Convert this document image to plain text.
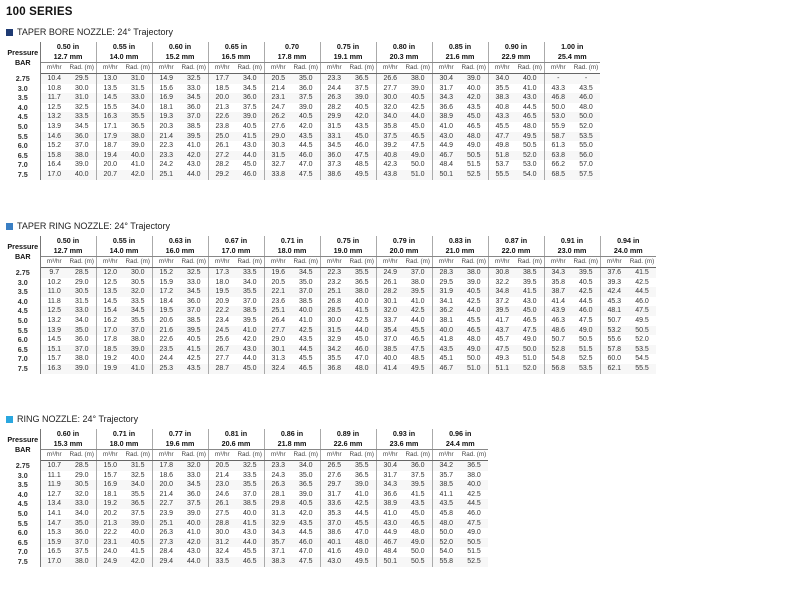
100 SERIES
TAPER BORE NOZZLE: 24° Trajectory
Pressure
BAR	0.50 in		0.55 in		0.60 in		0.65 in		0.70		0.75 in		0.80 in		0.85 in		0.90 in		1.00 in	
	12.7 mm		14.0 mm		15.2 mm		16.5 mm		17.8 mm		19.1 mm		20.3 mm		21.6 mm		22.9 mm		25.4 mm	
	m³/hr	Rad. (m)	m³/hr	Rad. (m)	m³/hr	Rad. (m)	m³/hr	Rad. (m)	m³/hr	Rad. (m)	m³/hr	Rad. (m)	m³/hr	Rad. (m)	m³/hr	Rad. (m)	m³/hr	Rad. (m)	m³/hr	Rad. (m)
2.75	10.4	29.5	13.0	31.0	14.9	32.5	17.7	34.0	20.5	35.0	23.3	36.5	26.6	38.0	30.4	39.0	34.0	40.0	-	-
3.0	10.8	30.0	13.5	31.5	15.6	33.0	18.5	34.5	21.4	36.0	24.4	37.5	27.7	39.0	31.7	40.0	35.5	41.0	43.3	43.5
3.5	11.7	31.0	14.5	33.0	16.9	34.5	20.0	36.0	23.1	37.5	26.3	39.0	30.0	40.5	34.3	42.0	38.3	43.0	46.8	46.0
4.0	12.5	32.5	15.5	34.0	18.1	36.0	21.3	37.5	24.7	39.0	28.2	40.5	32.0	42.5	36.6	43.5	40.8	44.5	50.0	48.0
4.5	13.2	33.5	16.3	35.5	19.3	37.0	22.6	39.0	26.2	40.5	29.9	42.0	34.0	44.0	38.9	45.0	43.3	46.5	53.0	50.0
5.0	13.9	34.5	17.1	36.5	20.3	38.5	23.8	40.5	27.6	42.0	31.5	43.5	35.8	45.0	41.0	46.5	45.5	48.0	55.9	52.0
5.5	14.6	36.0	17.9	38.0	21.4	39.5	25.0	41.5	29.0	43.5	33.1	45.0	37.5	46.5	43.0	48.0	47.7	49.5	58.7	53.5
6.0	15.2	37.0	18.7	39.0	22.3	41.0	26.1	43.0	30.3	44.5	34.5	46.0	39.2	47.5	44.9	49.0	49.8	50.5	61.3	55.0
6.5	15.8	38.0	19.4	40.0	23.3	42.0	27.2	44.0	31.5	46.0	36.0	47.5	40.8	49.0	46.7	50.5	51.8	52.0	63.8	56.0
7.0	16.4	39.0	20.0	41.0	24.2	43.0	28.2	45.0	32.7	47.0	37.3	48.5	42.3	50.0	48.4	51.5	53.7	53.0	66.2	57.0
7.5	17.0	40.0	20.7	42.0	25.1	44.0	29.2	46.0	33.8	47.5	38.6	49.5	43.8	51.0	50.1	52.5	55.5	54.0	68.5	57.5
TAPER RING NOZZLE: 24° Trajectory
Pressure
BAR	0.50 in		0.55 in		0.63 in		0.67 in		0.71 in		0.75 in		0.79 in		0.83 in		0.87 in		0.91 in		0.94 in	
	12.7 mm		14.0 mm		16.0 mm		17.0 mm		18.0 mm		19.0 mm		20.0 mm		21.0 mm		22.0 mm		23.0 mm		24.0 mm	
	m³/hr	Rad. (m)	m³/hr	Rad. (m)	m³/hr	Rad. (m)	m³/hr	Rad. (m)	m³/hr	Rad. (m)	m³/hr	Rad. (m)	m³/hr	Rad. (m)	m³/hr	Rad. (m)	m³/hr	Rad. (m)	m³/hr	Rad. (m)	m³/hr	Rad. (m)
2.75	9.7	28.5	12.0	30.0	15.2	32.5	17.3	33.5	19.6	34.5	22.3	35.5	24.9	37.0	28.3	38.0	30.8	38.5	34.3	39.5	37.6	41.5
3.0	10.2	29.0	12.5	30.5	15.9	33.0	18.0	34.0	20.5	35.0	23.2	36.5	26.1	38.0	29.5	39.0	32.2	39.5	35.8	40.5	39.3	42.5
3.5	11.0	30.5	13.5	32.0	17.2	34.5	19.5	35.5	22.1	37.0	25.1	38.0	28.2	39.5	31.9	40.5	34.8	41.5	38.7	42.5	42.4	44.5
4.0	11.8	31.5	14.5	33.5	18.4	36.0	20.9	37.0	23.6	38.5	26.8	40.0	30.1	41.0	34.1	42.5	37.2	43.0	41.4	44.5	45.3	46.0
4.5	12.5	33.0	15.4	34.5	19.5	37.0	22.2	38.5	25.1	40.0	28.5	41.5	32.0	42.5	36.2	44.0	39.5	45.0	43.9	46.0	48.1	47.5
5.0	13.2	34.0	16.2	35.5	20.6	38.5	23.4	39.5	26.4	41.0	30.0	42.5	33.7	44.0	38.1	45.5	41.7	46.5	46.3	47.5	50.7	49.5
5.5	13.9	35.0	17.0	37.0	21.6	39.5	24.5	41.0	27.7	42.5	31.5	44.0	35.4	45.5	40.0	46.5	43.7	47.5	48.6	49.0	53.2	50.5
6.0	14.5	36.0	17.8	38.0	22.6	40.5	25.6	42.0	29.0	43.5	32.9	45.0	37.0	46.5	41.8	48.0	45.7	49.0	50.7	50.5	55.6	52.0
6.5	15.1	37.0	18.5	39.0	23.5	41.5	26.7	43.0	30.1	44.5	34.2	46.0	38.5	47.5	43.5	49.0	47.5	50.0	52.8	51.5	57.8	53.5
7.0	15.7	38.0	19.2	40.0	24.4	42.5	27.7	44.0	31.3	45.5	35.5	47.0	40.0	48.5	45.1	50.0	49.3	51.0	54.8	52.5	60.0	54.5
7.5	16.3	39.0	19.9	41.0	25.3	43.5	28.7	45.0	32.4	46.5	36.8	48.0	41.4	49.5	46.7	51.0	51.1	52.0	56.8	53.5	62.1	55.5
RING NOZZLE: 24° Trajectory
Pressure
BAR	0.60 in		0.71 in		0.77 in		0.81 in		0.86 in		0.89 in		0.93 in		0.96 in	
	15.3 mm		18.0 mm		19.6 mm		20.6 mm		21.8 mm		22.6 mm		23.6 mm		24.4 mm	
	m³/hr	Rad. (m)	m³/hr	Rad. (m)	m³/hr	Rad. (m)	m³/hr	Rad. (m)	m³/hr	Rad. (m)	m³/hr	Rad. (m)	m³/hr	Rad. (m)	m³/hr	Rad. (m)
2.75	10.7	28.5	15.0	31.5	17.8	32.0	20.5	32.5	23.3	34.0	26.5	35.5	30.4	36.0	34.2	36.5
3.0	11.1	29.0	15.7	32.5	18.6	33.0	21.4	33.5	24.3	35.0	27.6	36.5	31.7	37.5	35.7	38.0
3.5	11.9	30.5	16.9	34.0	20.0	34.5	23.0	35.5	26.3	36.5	29.7	39.0	34.3	39.5	38.5	40.0
4.0	12.7	32.0	18.1	35.5	21.4	36.0	24.6	37.0	28.1	39.0	31.7	41.0	36.6	41.5	41.1	42.5
4.5	13.4	33.0	19.2	36.5	22.7	37.5	26.1	38.5	29.8	40.5	33.6	42.5	38.9	43.5	43.5	44.5
5.0	14.1	34.0	20.2	37.5	23.9	39.0	27.5	40.0	31.3	42.0	35.3	44.5	41.0	45.0	45.8	46.0
5.5	14.7	35.0	21.3	39.0	25.1	40.0	28.8	41.5	32.9	43.5	37.0	45.5	43.0	46.5	48.0	47.5
6.0	15.3	36.0	22.2	40.0	26.3	41.0	30.0	43.0	34.3	44.5	38.6	47.0	44.9	48.0	50.0	49.0
6.5	15.9	37.0	23.1	40.5	27.3	42.0	31.2	44.0	35.7	46.0	40.1	48.0	46.7	49.0	52.0	50.5
7.0	16.5	37.5	24.0	41.5	28.4	43.0	32.4	45.5	37.1	47.0	41.6	49.0	48.4	50.0	54.0	51.5
7.5	17.0	38.0	24.9	42.0	29.4	44.0	33.5	46.5	38.3	47.5	43.0	49.5	50.1	50.5	55.8	52.5
